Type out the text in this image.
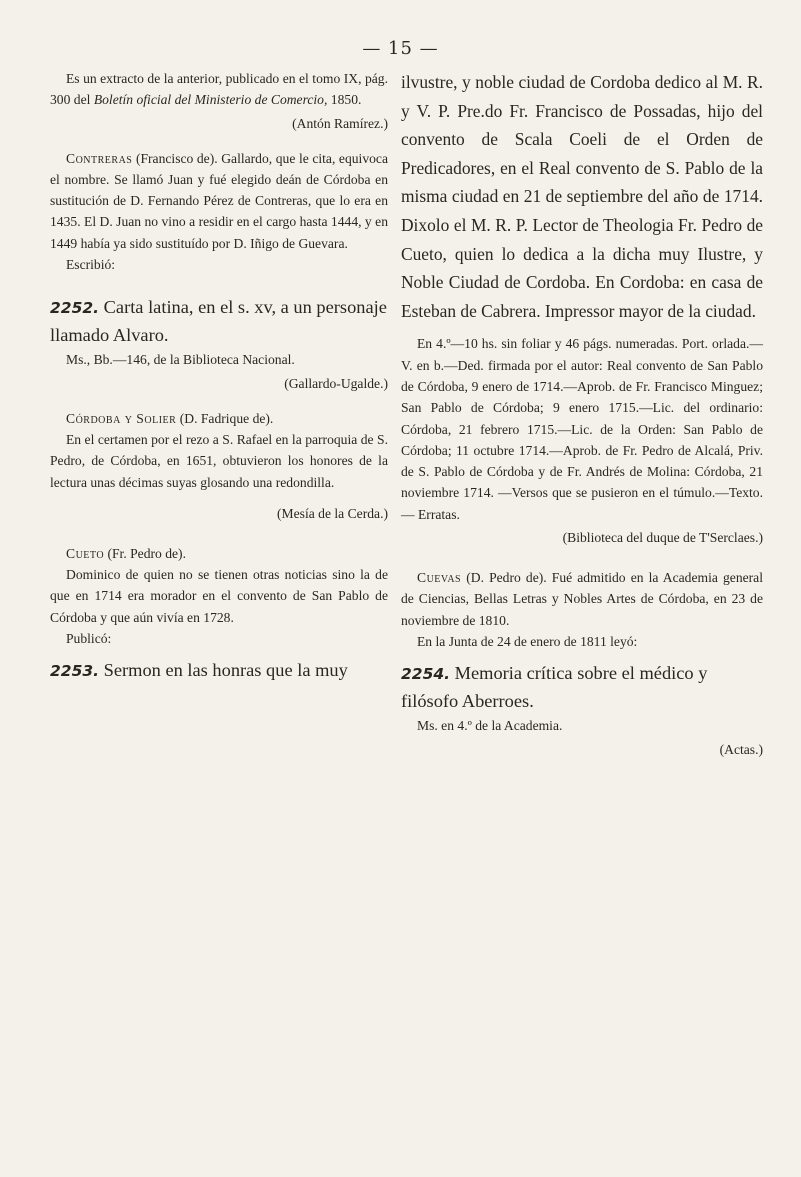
— 15 —

Es un extracto de la anterior, publicado en el tomo IX, pág. 300 del Boletín oficial del Ministerio de Comercio, 1850.

(Antón Ramírez.)

Contreras (Francisco de). Gallardo, que le cita, equivoca el nombre. Se llamó Juan y fué elegido deán de Córdoba en sustitución de D. Fernando Pérez de Contreras, que lo era en 1435. El D. Juan no vino a residir en el cargo hasta 1444, y en 1449 había ya sido sustituído por D. Iñigo de Guevara.

Escribió:

2252. Carta latina, en el s. xv, a un personaje llamado Alvaro.

Ms., Bb.—146, de la Biblioteca Nacional.

(Gallardo-Ugalde.)

Córdoba y Solier (D. Fadrique de).

En el certamen por el rezo a S. Rafael en la parroquia de S. Pedro, de Córdoba, en 1651, obtuvieron los honores de la lectura unas décimas suyas glosando una redondilla.

(Mesía de la Cerda.)

Cueto (Fr. Pedro de).

Dominico de quien no se tienen otras noticias sino la de que en 1714 era morador en el convento de San Pablo de Córdoba y que aún vivía en 1728.

Publicó:

2253. Sermon en las honras que la muy

ilvustre, y noble ciudad de Cordoba dedico al M. R. y V. P. Pre.do Fr. Francisco de Possadas, hijo del convento de Scala Coeli de el Orden de Predicadores, en el Real convento de S. Pablo de la misma ciudad en 21 de septiembre del año de 1714. Dixolo el M. R. P. Lector de Theologia Fr. Pedro de Cueto, quien lo dedica a la dicha muy Ilustre, y Noble Ciudad de Cordoba. En Cordoba: en casa de Esteban de Cabrera. Impressor mayor de la ciudad.

En 4.º—10 hs. sin foliar y 46 págs. numeradas. Port. orlada.—V. en b.—Ded. firmada por el autor: Real convento de San Pablo de Córdoba, 9 enero de 1714.—Aprob. de Fr. Francisco Minguez; San Pablo de Córdoba; 9 enero 1715.—Lic. del ordinario: Córdoba, 21 febrero 1715.—Lic. de la Orden: San Pablo de Córdoba; 11 octubre 1714.—Aprob. de Fr. Pedro de Alcalá, Priv. de S. Pablo de Córdoba y de Fr. Andrés de Molina: Córdoba, 21 noviembre 1714. —Versos que se pusieron en el túmulo.—Texto.— Erratas.

(Biblioteca del duque de T'Serclaes.)

Cuevas (D. Pedro de). Fué admitido en la Academia general de Ciencias, Bellas Letras y Nobles Artes de Córdoba, en 23 de noviembre de 1810.

En la Junta de 24 de enero de 1811 leyó:

2254. Memoria crítica sobre el médico y filósofo Aberroes.

Ms. en 4.º de la Academia.

(Actas.)
